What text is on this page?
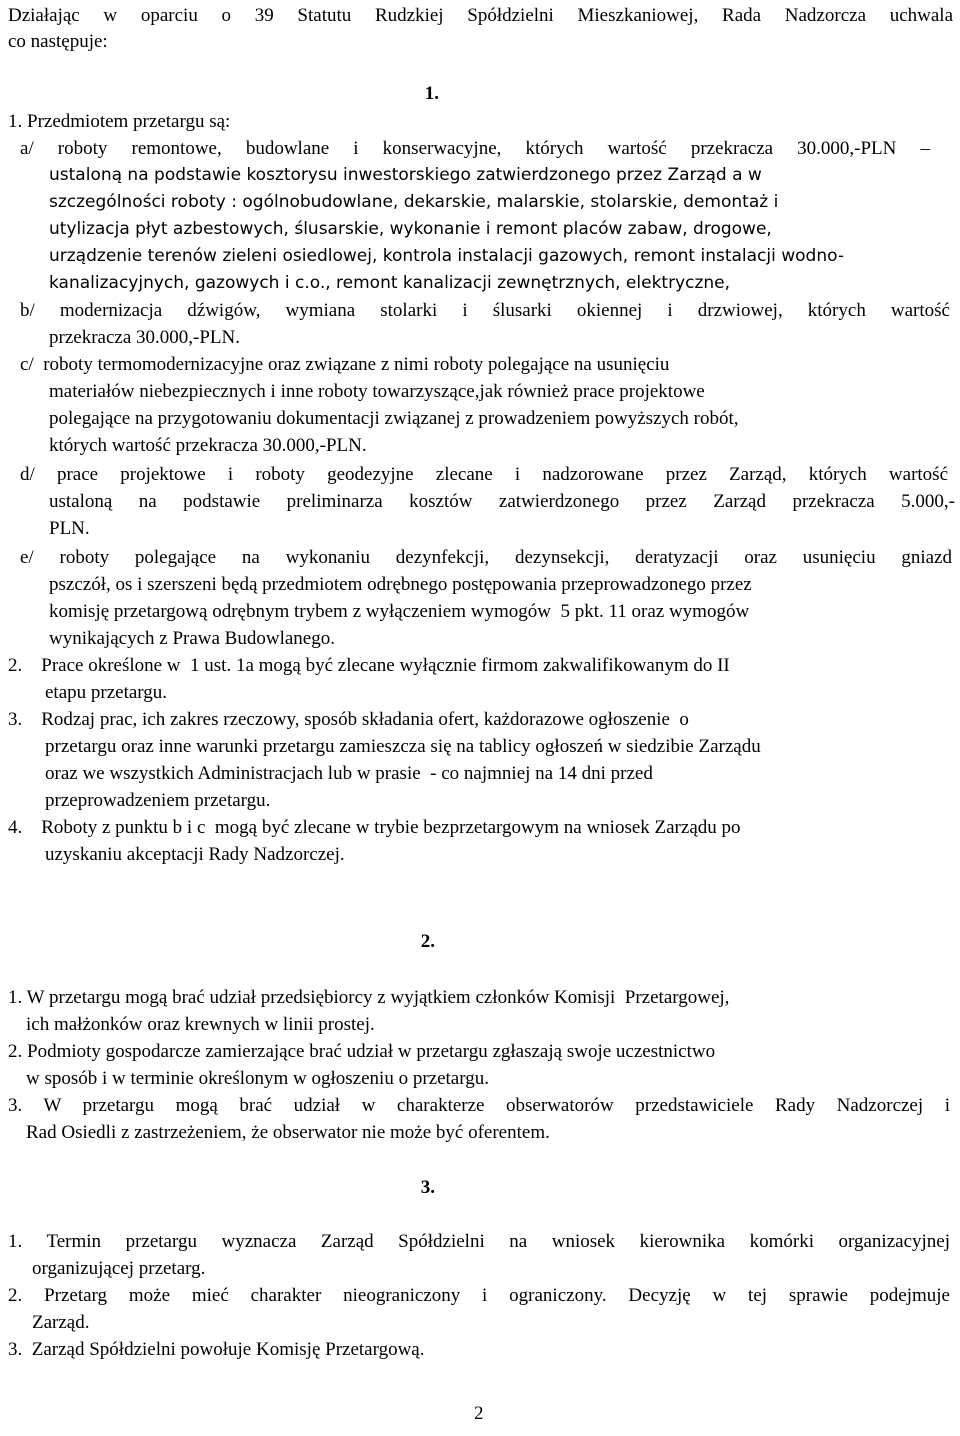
Działając w oparciu o 39 Statutu Rudzkiej Spółdzielni Mieszkaniowej, Rada Nadzorcza uchwala

co następuje:

1.

1. Przedmiotem przetargu są:

a/ roboty remontowe, budowlane i konserwacyjne, których wartość przekracza 30.000,-PLN –

ustaloną na podstawie kosztorysu inwestorskiego zatwierdzonego przez Zarząd a w

szczególności roboty : ogólnobudowlane, dekarskie, malarskie, stolarskie, demontaż i

utylizacja płyt azbestowych, ślusarskie, wykonanie i remont placów zabaw, drogowe,

urządzenie terenów zieleni osiedlowej, kontrola instalacji gazowych, remont instalacji wodno-

kanalizacyjnych, gazowych i c.o., remont kanalizacji zewnętrznych, elektryczne,

b/ modernizacja dźwigów, wymiana stolarki i ślusarki okiennej i drzwiowej, których wartość

przekracza 30.000,-PLN.

c/  roboty termomodernizacyjne oraz związane z nimi roboty polegające na usunięciu

materiałów niebezpiecznych i inne roboty towarzyszące,jak również prace projektowe

polegające na przygotowaniu dokumentacji związanej z prowadzeniem powyższych robót,

których wartość przekracza 30.000,-PLN.

d/ prace projektowe i roboty geodezyjne zlecane i nadzorowane przez Zarząd, których wartość

ustaloną na podstawie preliminarza kosztów zatwierdzonego przez Zarząd przekracza 5.000,-

PLN.

e/ roboty polegające na wykonaniu dezynfekcji, dezynsekcji, deratyzacji oraz usunięciu gniazd

pszczół, os i szerszeni będą przedmiotem odrębnego postępowania przeprowadzonego przez

komisję przetargową odrębnym trybem z wyłączeniem wymogów  5 pkt. 11 oraz wymogów

wynikających z Prawa Budowlanego.

2.    Prace określone w  1 ust. 1a mogą być zlecane wyłącznie firmom zakwalifikowanym do II

etapu przetargu.

3.    Rodzaj prac, ich zakres rzeczowy, sposób składania ofert, każdorazowe ogłoszenie  o

przetargu oraz inne warunki przetargu zamieszcza się na tablicy ogłoszeń w siedzibie Zarządu

oraz we wszystkich Administracjach lub w prasie  - co najmniej na 14 dni przed

przeprowadzeniem przetargu.

4.    Roboty z punktu b i c  mogą być zlecane w trybie bezprzetargowym na wniosek Zarządu po

uzyskaniu akceptacji Rady Nadzorczej.

2.

1. W przetargu mogą brać udział przedsiębiorcy z wyjątkiem członków Komisji  Przetargowej,

ich małżonków oraz krewnych w linii prostej.

2. Podmioty gospodarcze zamierzające brać udział w przetargu zgłaszają swoje uczestnictwo

w sposób i w terminie określonym w ogłoszeniu o przetargu.

3. W przetargu mogą brać udział w charakterze obserwatorów przedstawiciele Rady Nadzorczej i

Rad Osiedli z zastrzeżeniem, że obserwator nie może być oferentem.

3.

1. Termin przetargu wyznacza Zarząd Spółdzielni na wniosek kierownika komórki organizacyjnej

organizującej przetarg.

2. Przetarg może mieć charakter nieograniczony i ograniczony. Decyzję w tej sprawie podejmuje

Zarząd.

3.  Zarząd Spółdzielni powołuje Komisję Przetargową.

2
